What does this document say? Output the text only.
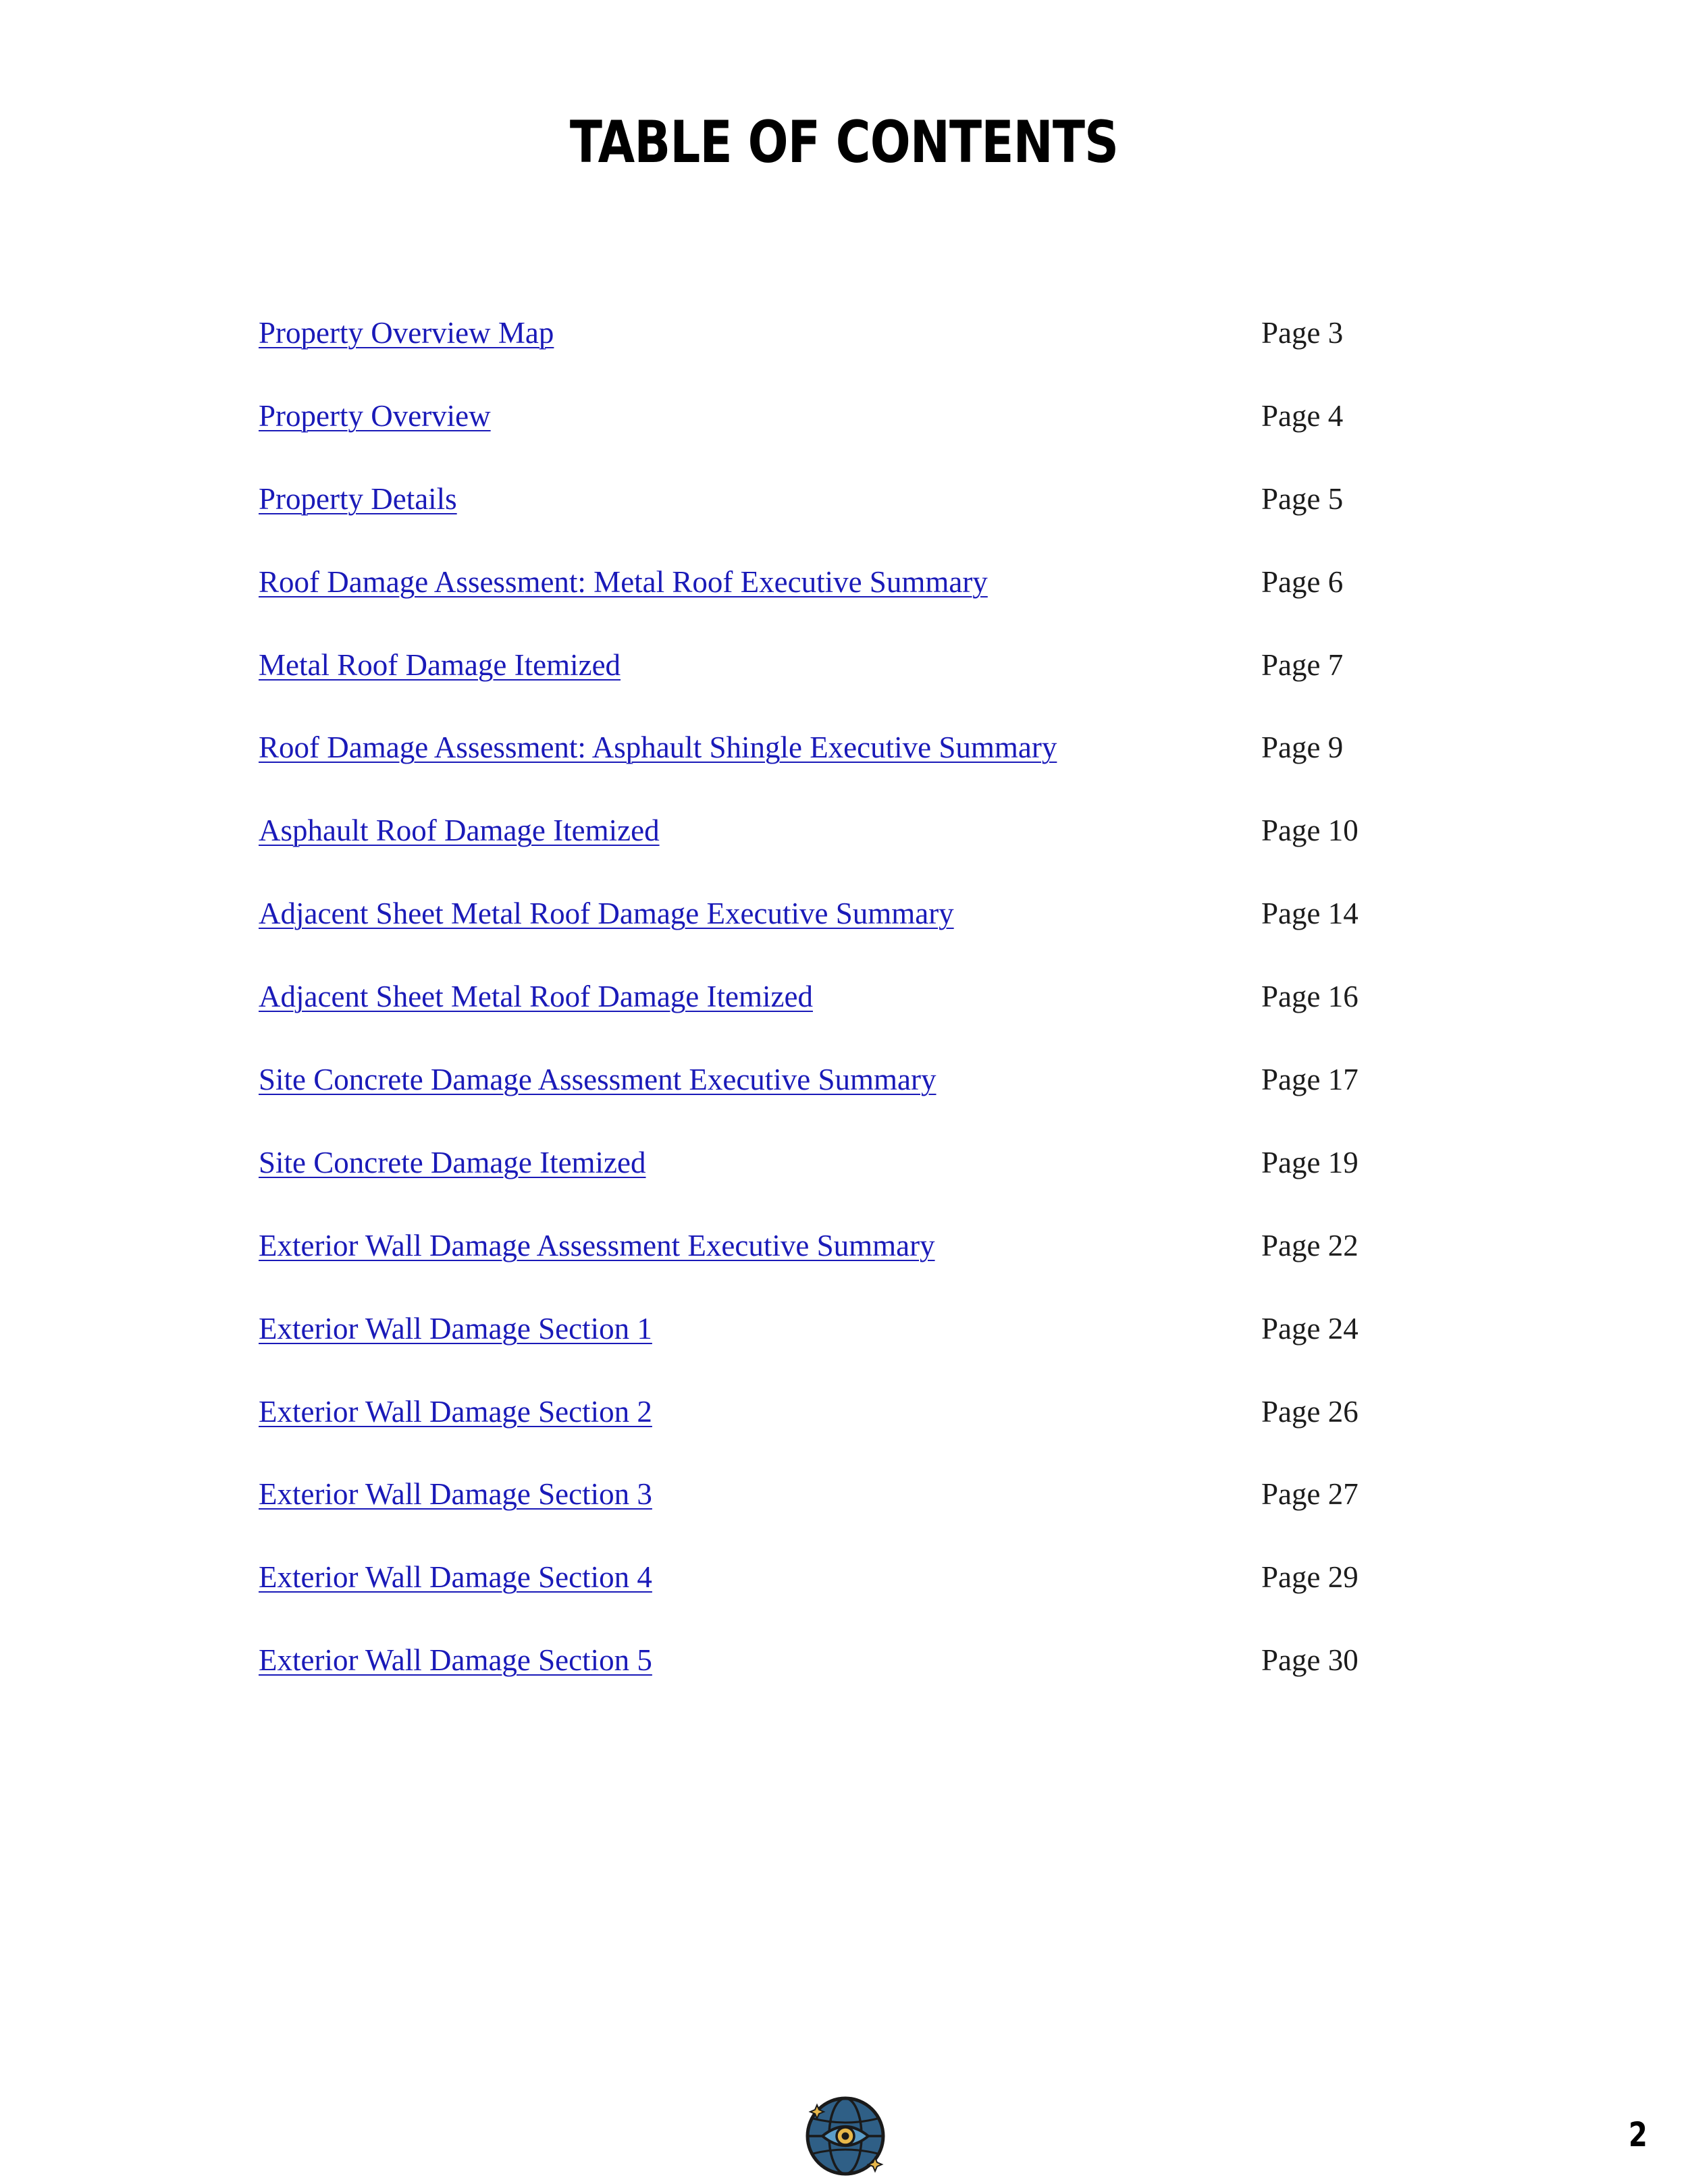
TABLE OF CONTENTS
Property Overview Map	Page 3
Property Overview	Page 4
Property Details	Page 5
Roof Damage Assessment: Metal Roof Executive Summary	Page 6
Metal Roof Damage Itemized	Page 7
Roof Damage Assessment: Asphault Shingle Executive Summary	Page 9
Asphault Roof Damage Itemized	Page 10
Adjacent Sheet Metal Roof Damage Executive Summary	Page 14
Adjacent Sheet Metal Roof Damage Itemized	Page 16
Site Concrete Damage Assessment Executive Summary	Page 17
Site Concrete Damage Itemized	Page 19
Exterior Wall Damage Assessment Executive Summary	Page 22
Exterior Wall Damage Section 1	Page 24
Exterior Wall Damage Section 2	Page 26
Exterior Wall Damage Section 3	Page 27
Exterior Wall Damage Section 4	Page 29
Exterior Wall Damage Section 5	Page 30
2
